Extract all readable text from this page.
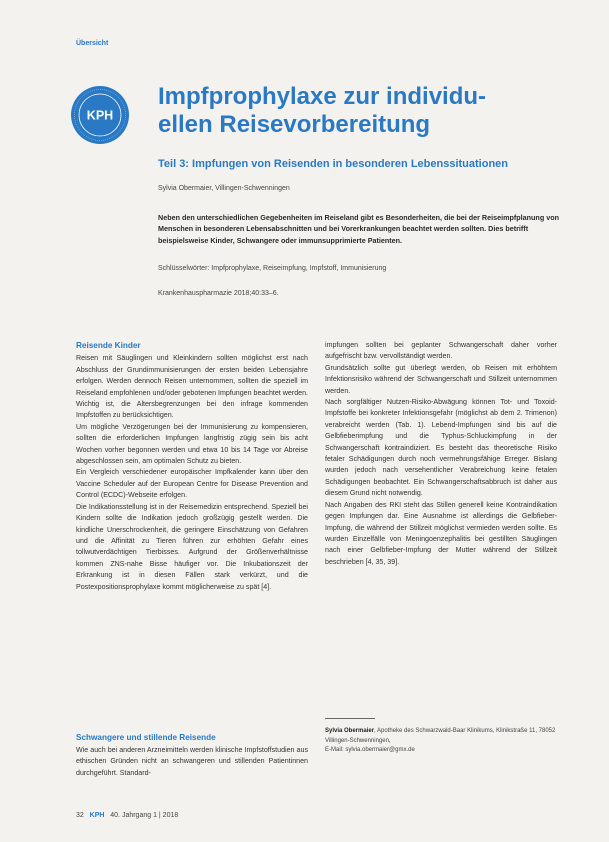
Übersicht
KPH
Impfprophylaxe zur individu-
ellen Reisevorbereitung
Teil 3: Impfungen von Reisenden in besonderen Lebenssituationen
Sylvia Obermaier, Villingen-Schwenningen

Neben den unterschiedlichen Gegebenheiten im Reiseland gibt es Besonderheiten, die bei der Reiseimpfplanung von Menschen in besonderen Lebensabschnitten und bei Vorerkrankungen beachtet werden sollten. Dies betrifft beispielsweise Kinder, Schwangere oder immunsupprimierte Patienten.

Schlüsselwörter: Impfprophylaxe, Reiseimpfung, Impfstoff, Immunisierung
Krankenhauspharmazie 2018;40:33–6.
Reisende Kinder

Reisen mit Säuglingen und Kleinkindern sollten möglichst erst nach Abschluss der Grundimmunisierungen der ersten beiden Lebensjahre erfolgen. Werden dennoch Reisen unternommen, sollten die speziell im Reiseland empfohlenen und/oder gebotenen Impfungen beachtet werden. Wichtig ist, die Altersbegrenzungen bei den infrage kommenden Impfstoffen zu berücksichtigen.

Um mögliche Verzögerungen bei der Immunisierung zu kompensieren, sollten die erforderlichen Impfungen langfristig zügig sein bis acht Wochen vorher begonnen werden und etwa 10 bis 14 Tage vor Abreise abgeschlossen sein, am optimalen Schutz zu bieten.

Ein Vergleich verschiedener europäischer Impfkalender kann über den Vaccine Scheduler auf der European Centre for Disease Prevention and Control (ECDC)-Webseite erfolgen.

Die Indikationsstellung ist in der Reisemedizin entsprechend. Speziell bei Kindern sollte die Indikation jedoch großzügig gestellt werden. Die kindliche Unerschrockenheit, die geringere Einschätzung von Gefahren und die Affinität zu Tieren führen zur erhöhten Gefahr eines tollwutverdächtigen Tierbisses. Aufgrund der Größenverhältnisse kommen ZNS-nahe Bisse häufiger vor. Die Inkubationszeit der Erkrankung ist in diesen Fällen stark verkürzt, und die Postexpositionsprophylaxe kommt möglicherweise zu spät [4].

Schwangere und stillende Reisende

Wie auch bei anderen Arzneimitteln werden klinische Impfstoffstudien aus ethischen Gründen nicht an schwangeren und stillenden Patientinnen durchgeführt. Standard-

impfungen sollten bei geplanter Schwangerschaft daher vorher aufgefrischt bzw. vervollständigt werden.

Grundsätzlich sollte gut überlegt werden, ob Reisen mit erhöhtem Infektionsrisiko während der Schwangerschaft und Stillzeit unternommen werden.

Nach sorgfältiger Nutzen-Risiko-Abwägung können Tot- und Toxoid-Impfstoffe bei konkreter Infektionsgefahr (möglichst ab dem 2. Trimenon) verabreicht werden (Tab. 1). Lebend-Impfungen sind bis auf die Gelbfieberimpfung und die Typhus-Schluckimpfung in der Schwangerschaft kontraindiziert. Es besteht das theoretische Risiko fetaler Schädigungen durch noch vermehrungsfähige Erreger. Bislang wurden jedoch nach versehentlicher Verabreichung keine fetalen Schädigungen beobachtet. Ein Schwangerschaftsabbruch ist daher aus diesem Grund nicht notwendig.

Nach Angaben des RKI steht das Stillen generell keine Kontraindikation gegen Impfungen dar. Eine Ausnahme ist allerdings die Gelbfieber-Impfung, die während der Stillzeit möglichst vermieden werden sollte. Es wurden Einzelfälle von Meningoenzephalitis bei gestillten Säuglingen nach einer Gelbfieber-Impfung der Mutter während der Stillzeit beschrieben [4, 35, 39].

Sylvia Obermaier, Apotheke des Schwarzwald-Baar Klinikums, Klinikstraße 11, 78052 Villingen-Schwenningen,
E-Mail: sylvia.obermaier@gmx.de
32 KPH 40. Jahrgang 1 | 2018
